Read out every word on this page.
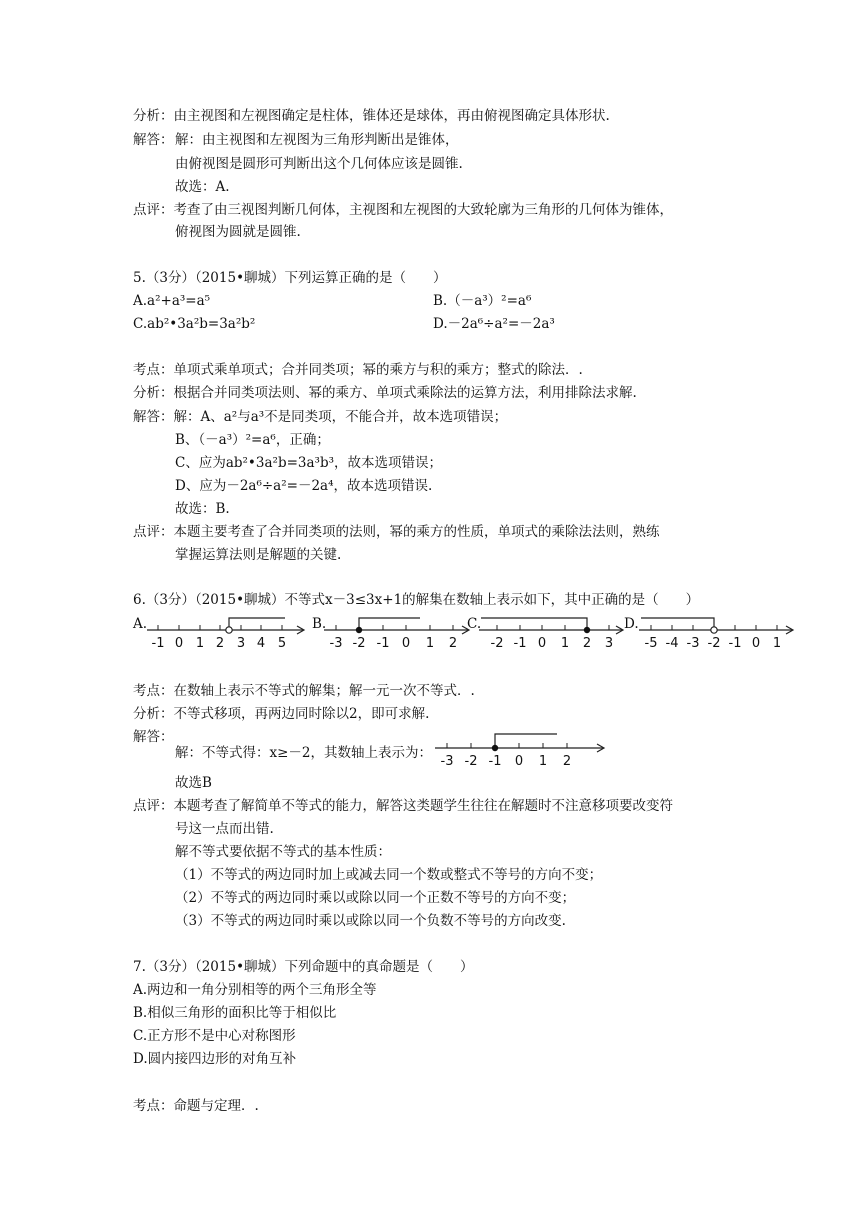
分析：由主视图和左视图确定是柱体，锥体还是球体，再由俯视图确定具体形状.
解答： 解：由主视图和左视图为三角形判断出是锥体，
由俯视图是圆形可判断出这个几何体应该是圆锥.
故选：A.
点评：考查了由三视图判断几何体，主视图和左视图的大致轮廓为三角形的几何体为锥体，
俯视图为圆就是圆锥.
5.（3分）（2015•聊城）下列运算正确的是（　　）
A.a²+a³=a⁵	B.（－a³）²=a⁶
C.ab²•3a²b=3a²b²	D.－2a⁶÷a²=－2a³
考点：单项式乘单项式；合并同类项；幂的乘方与积的乘方；整式的除法．.
分析：根据合并同类项法则、幂的乘方、单项式乘除法的运算方法，利用排除法求解.
解答：解：A、a²与a³不是同类项，不能合并，故本选项错误；
B、（－a³）²=a⁶，正确；
C、应为ab²•3a²b=3a³b³，故本选项错误；
D、应为－2a⁶÷a²=－2a⁴，故本选项错误.
故选：B.
点评：本题主要考查了合并同类项的法则，幂的乘方的性质，单项式的乘除法法则，熟练
掌握运算法则是解题的关键.
6.（3分）（2015•聊城）不等式x－3≤3x+1的解集在数轴上表示如下，其中正确的是（　　）
A.
-1 0 1 2 3 4 5
B.
-3 -2 -1 0 1 2
C.
-2 -1 0 1 2 3
D.
-5 -4 -3 -2 -1 0 1
考点：在数轴上表示不等式的解集；解一元一次不等式．.
分析：不等式移项，再两边同时除以2，即可求解.
解答：
解：不等式得：x≥－2，其数轴上表示为：
-3 -2 -1 0 1 2
故选B
点评：本题考查了解简单不等式的能力，解答这类题学生往往在解题时不注意移项要改变符
号这一点而出错.
解不等式要依据不等式的基本性质：
（1）不等式的两边同时加上或减去同一个数或整式不等号的方向不变；
（2）不等式的两边同时乘以或除以同一个正数不等号的方向不变；
（3）不等式的两边同时乘以或除以同一个负数不等号的方向改变.
7.（3分）（2015•聊城）下列命题中的真命题是（　　）
A.两边和一角分别相等的两个三角形全等
B.相似三角形的面积比等于相似比
C.正方形不是中心对称图形
D.圆内接四边形的对角互补
考点：命题与定理．.
